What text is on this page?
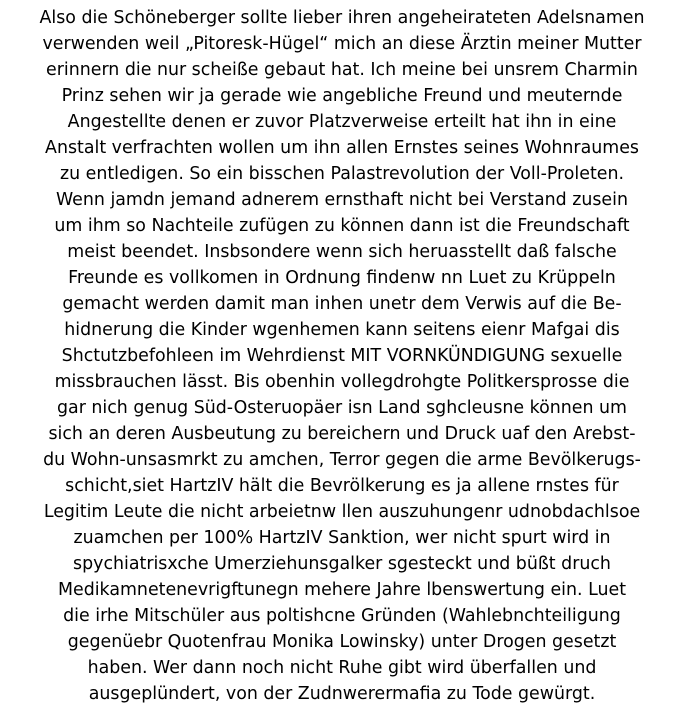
Also die Schöneberger sollte lieber ihren angeheirateten Adelsnamen
verwenden weil „Pitoresk-Hügel“ mich an diese Ärztin meiner Mutter
erinnern die nur scheiße gebaut hat. Ich meine bei unsrem Charmin
Prinz sehen wir ja gerade wie angebliche Freund und meuternde
Angestellte denen er zuvor Platzverweise erteilt hat ihn in eine
Anstalt verfrachten wollen um ihn allen Ernstes seines Wohnraumes
zu entledigen. So ein bisschen Palastrevolution der Voll-Proleten.
Wenn jamdn jemand adnerem ernsthaft nicht bei Verstand zusein
um ihm so Nachteile zufügen zu können dann ist die Freundschaft
meist beendet. Insbsondere wenn sich heruasstellt daß falsche
Freunde es vollkomen in Ordnung findenw nn Luet zu Krüppeln
gemacht werden damit man inhen unetr dem Verwis auf die Be-
hidnerung die Kinder wgenhemen kann seitens eienr Mafgai dis
Shctutzbefohleen im Wehrdienst MIT VORNKÜNDIGUNG sexuelle
missbrauchen lässt. Bis obenhin vollegdrohgte Politkersprosse die
gar nich genug Süd-Osteruopäer isn Land sghcleusne können um
sich an deren Ausbeutung zu bereichern und Druck uaf den Arebst-
du Wohn-unsasmrkt zu amchen, Terror gegen die arme Bevölkerugs-
schicht,siet HartzIV hält die Bevrölkerung es ja allene rnstes für
Legitim Leute die nicht arbeietnw llen auszuhungenr udnobdachlsoe
zuamchen per 100% HartzIV Sanktion, wer nicht spurt wird in
spychiatrisxche Umerziehunsgalker sgesteckt und büßt druch
Medikamnetenevrigftunegn mehere Jahre lbenswertung ein. Luet
die irhe Mitschüler aus poltishcne Gründen (Wahlebnchteiligung
gegenüebr Quotenfrau Monika Lowinsky) unter Drogen gesetzt
haben. Wer dann noch nicht Ruhe gibt wird überfallen und
ausgeplündert, von der Zudnwerermafia zu Tode gewürgt.
